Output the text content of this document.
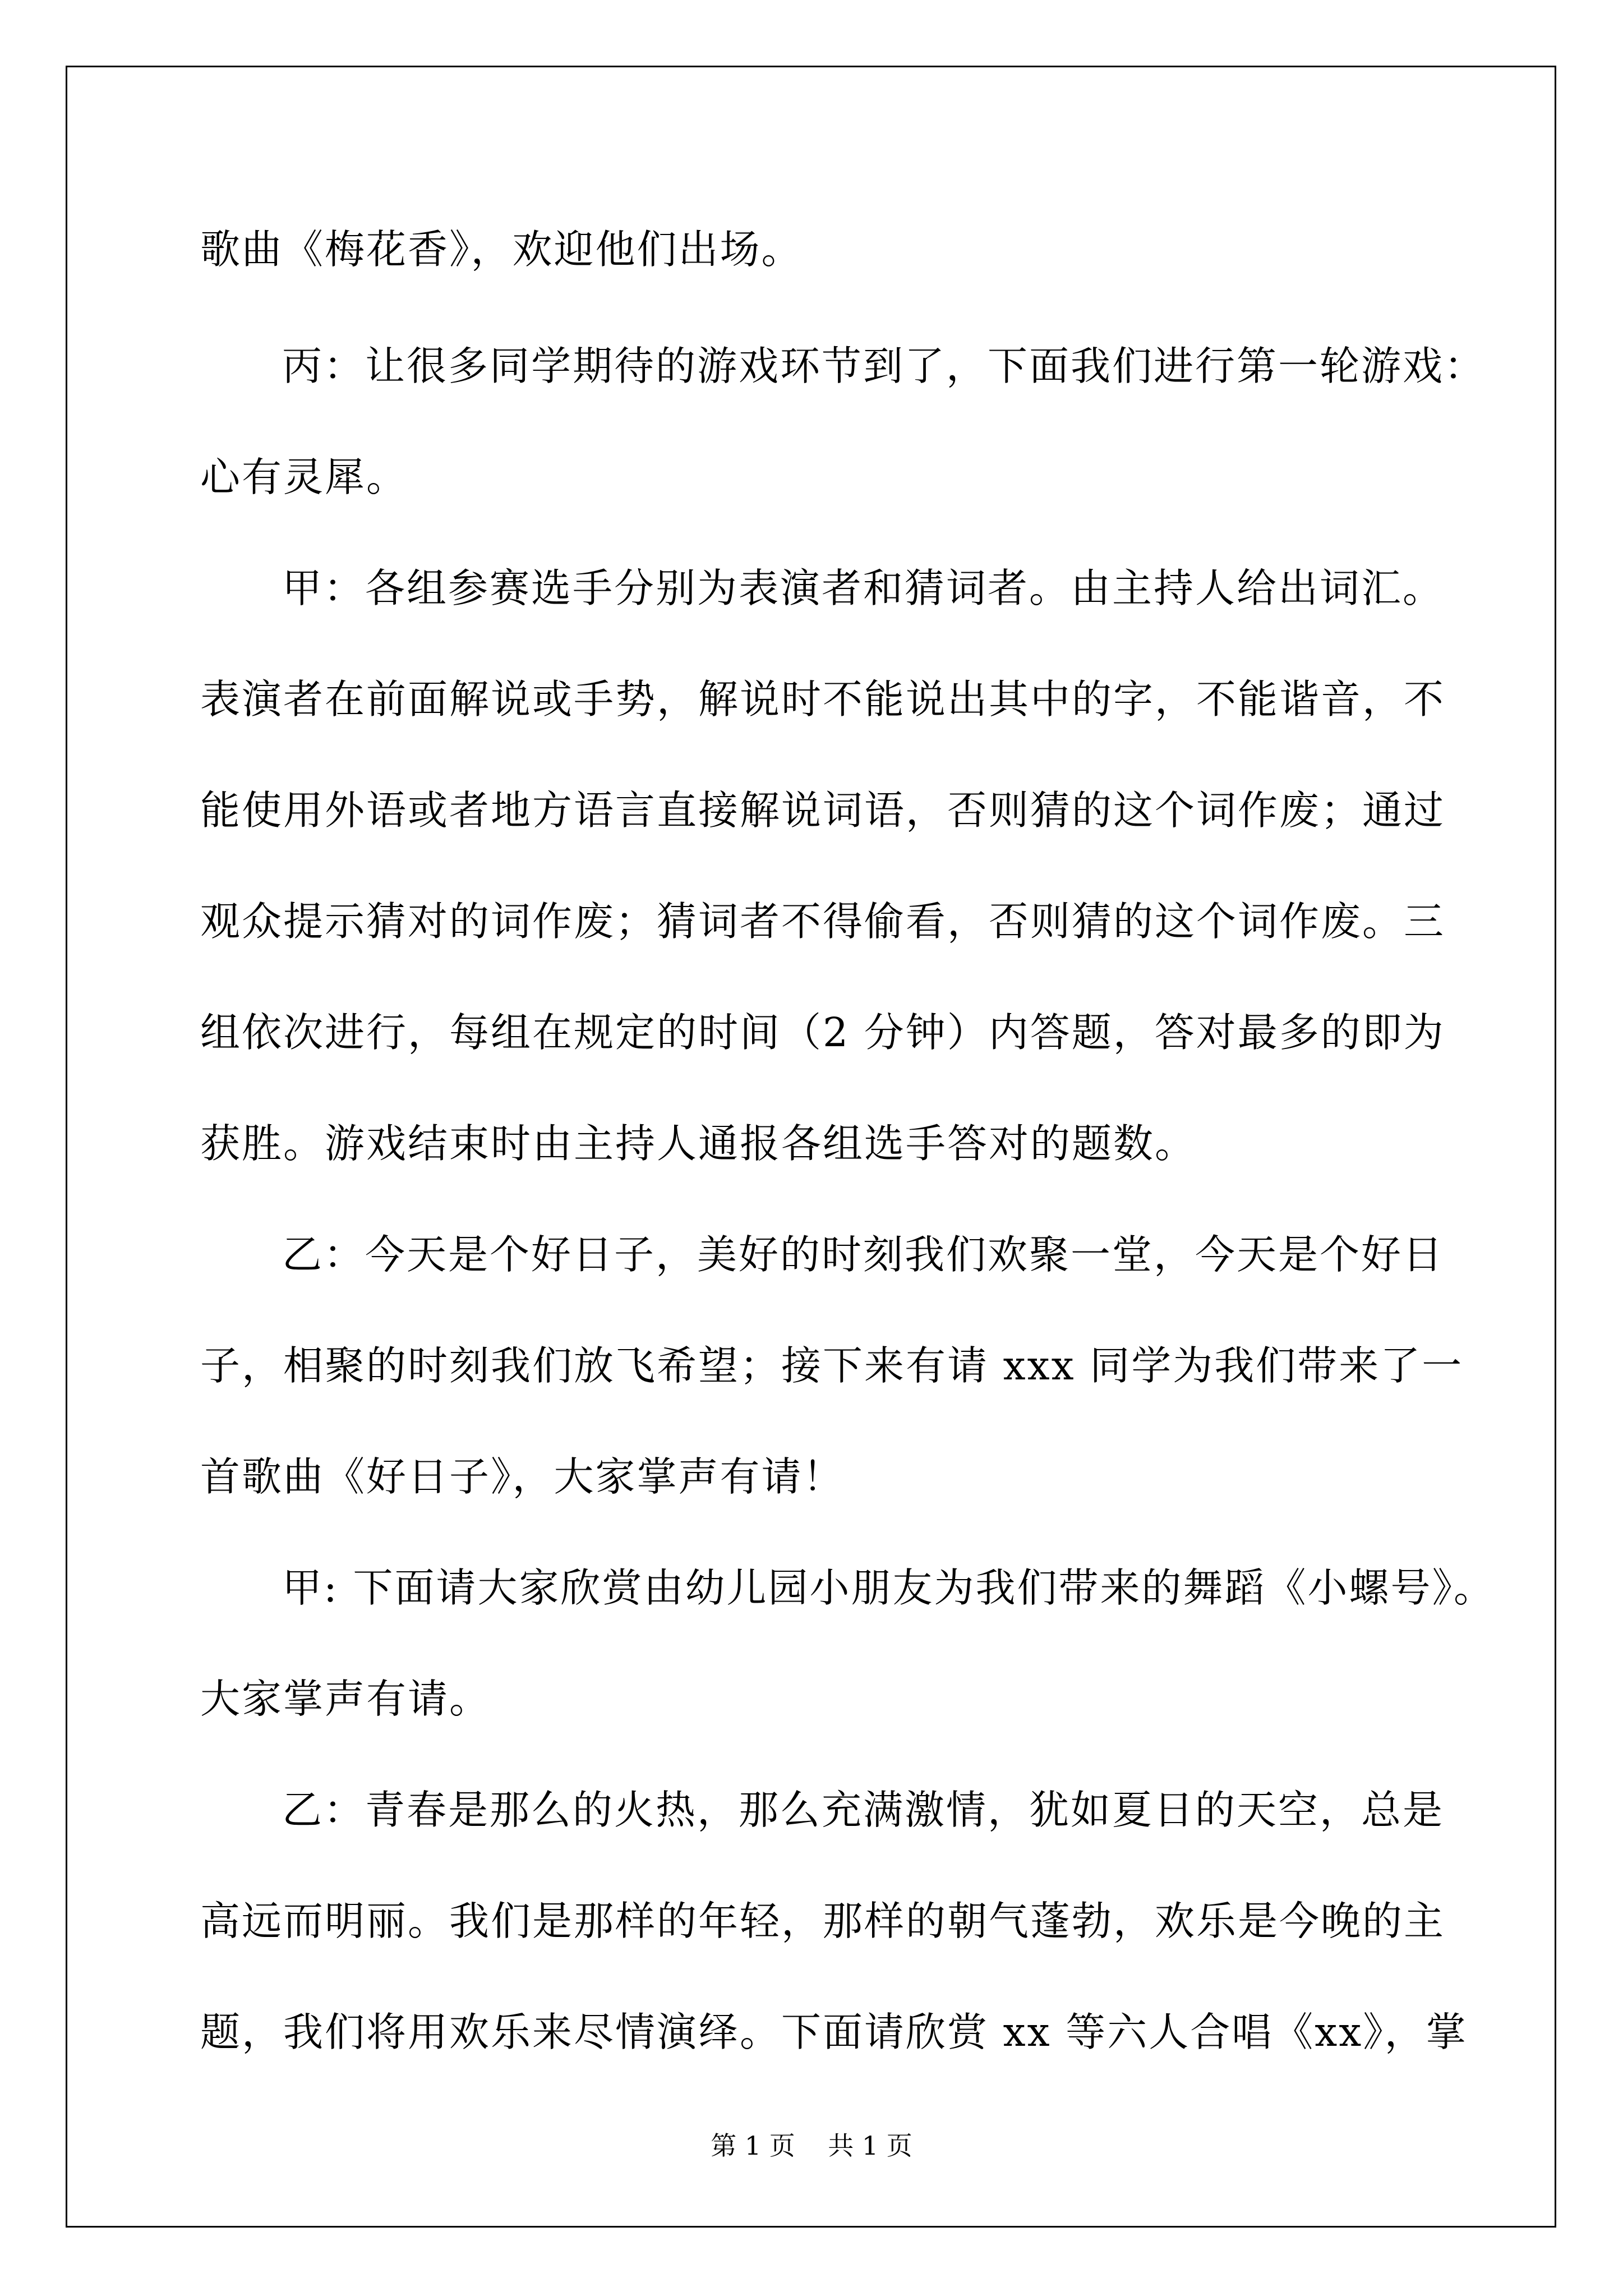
歌曲《梅花香》，欢迎他们出场。
丙：让很多同学期待的游戏环节到了，下面我们进行第一轮游戏：
心有灵犀。
甲：各组参赛选手分别为表演者和猜词者。由主持人给出词汇。
表演者在前面解说或手势，解说时不能说出其中的字，不能谐音，不
能使用外语或者地方语言直接解说词语，否则猜的这个词作废；通过
观众提示猜对的词作废；猜词者不得偷看，否则猜的这个词作废。三
组依次进行，每组在规定的时间（2 分钟）内答题，答对最多的即为
获胜。游戏结束时由主持人通报各组选手答对的题数。
乙：今天是个好日子，美好的时刻我们欢聚一堂，今天是个好日
子，相聚的时刻我们放飞希望；接下来有请 xxx 同学为我们带来了一
首歌曲《好日子》，大家掌声有请！
甲: 下面请大家欣赏由幼儿园小朋友为我们带来的舞蹈《小螺号》。
大家掌声有请。
乙：青春是那么的火热，那么充满激情，犹如夏日的天空，总是
高远而明丽。我们是那样的年轻，那样的朝气蓬勃，欢乐是今晚的主
题，我们将用欢乐来尽情演绎。下面请欣赏 xx 等六人合唱《xx》，掌
第 1 页    共 1 页
